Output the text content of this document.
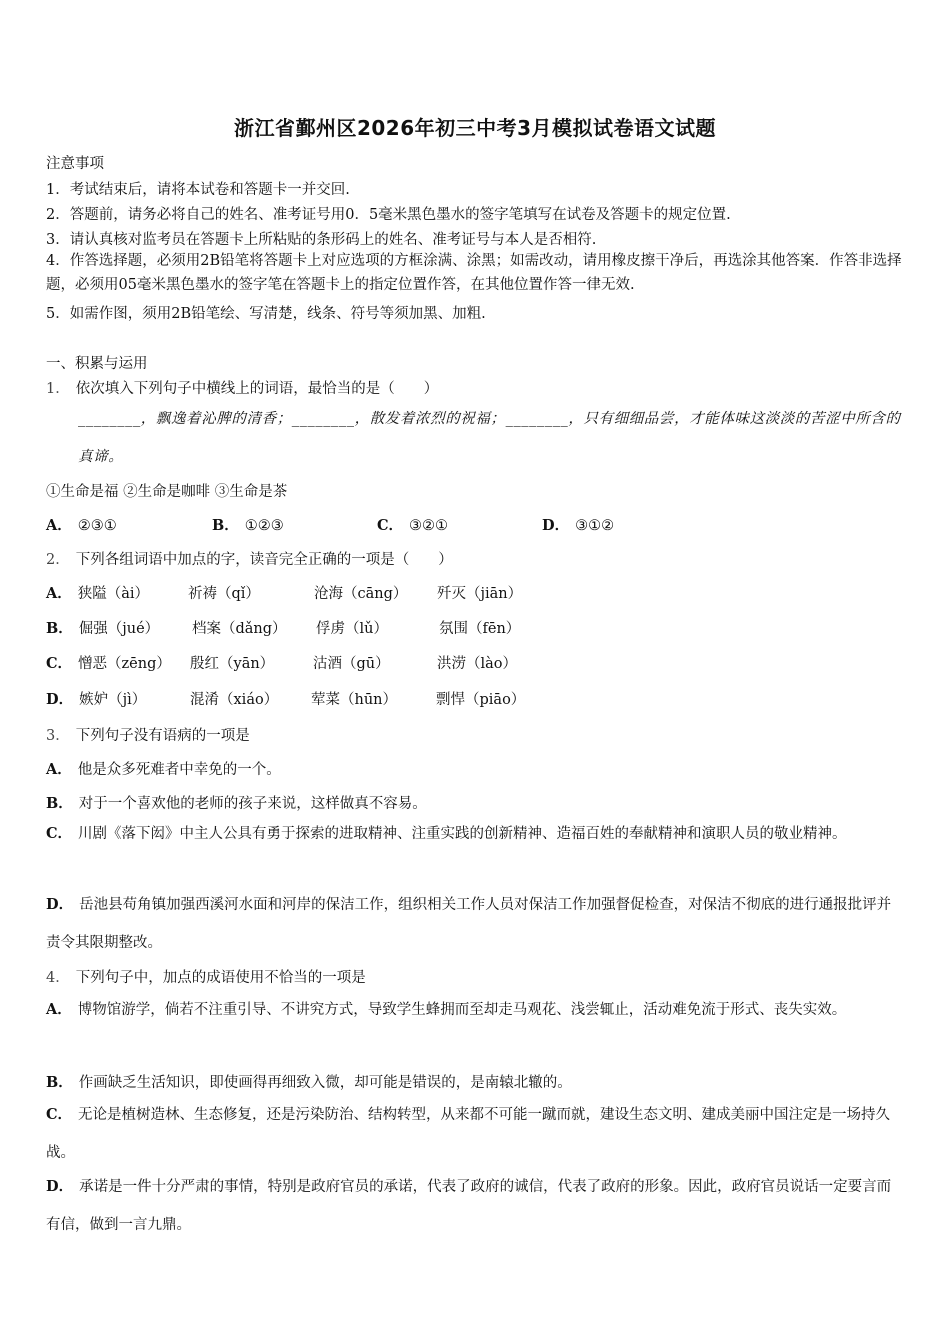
浙江省鄞州区2026年初三中考3月模拟试卷语文试题
注意事项
1．考试结束后，请将本试卷和答题卡一并交回.
2．答题前，请务必将自己的姓名、准考证号用0．5毫米黑色墨水的签字笔填写在试卷及答题卡的规定位置.
3．请认真核对监考员在答题卡上所粘贴的条形码上的姓名、准考证号与本人是否相符.
4．作答选择题，必须用2B铅笔将答题卡上对应选项的方框涂满、涂黑；如需改动，请用橡皮擦干净后，再选涂其他答案．作答非选择题，必须用05毫米黑色墨水的签字笔在答题卡上的指定位置作答，在其他位置作答一律无效.
5．如需作图，须用2B铅笔绘、写清楚，线条、符号等须加黑、加粗.
一、积累与运用
1． 依次填入下列句子中横线上的词语，最恰当的是（　　）
________，飘逸着沁脾的清香；________，散发着浓烈的祝福；________，只有细细品尝，才能体味这淡淡的苦涩中所含的真谛。
①生命是福 ②生命是咖啡 ③生命是茶
A． ②③①	B． ①②③	C． ③②①	D． ③①②
2． 下列各组词语中加点的字，读音完全正确的一项是（　　）
A． 狭隘（ài）	祈祷（qǐ）	沧海（cāng） 歼灭（jiān）
B． 倔强（jué） 档案（dǎng） 俘虏（lǔ）	氛围（fēn）
C． 憎恶（zēng） 殷红（yān）	沽酒（gū）	洪涝（lào）
D． 嫉妒（jì）	混淆（xiáo） 荤菜（hūn）	剽悍（piāo）
3． 下列句子没有语病的一项是
A． 他是众多死难者中幸免的一个。
B． 对于一个喜欢他的老师的孩子来说，这样做真不容易。
C． 川剧《落下闳》中主人公具有勇于探索的进取精神、注重实践的创新精神、造福百姓的奉献精神和演职人员的敬业精神。
D． 岳池县苟角镇加强西溪河水面和河岸的保洁工作，组织相关工作人员对保洁工作加强督促检查，对保洁不彻底的进行通报批评并责令其限期整改。
4． 下列句子中，加点的成语使用不恰当的一项是
A． 博物馆游学，倘若不注重引导、不讲究方式，导致学生蜂拥而至却走马观花、浅尝辄止，活动难免流于形式、丧失实效。
B． 作画缺乏生活知识，即使画得再细致入微，却可能是错误的，是南辕北辙的。
C． 无论是植树造林、生态修复，还是污染防治、结构转型，从来都不可能一蹴而就，建设生态文明、建成美丽中国注定是一场持久战。
D． 承诺是一件十分严肃的事情，特别是政府官员的承诺，代表了政府的诚信，代表了政府的形象。因此，政府官员说话一定要言而有信，做到一言九鼎。
